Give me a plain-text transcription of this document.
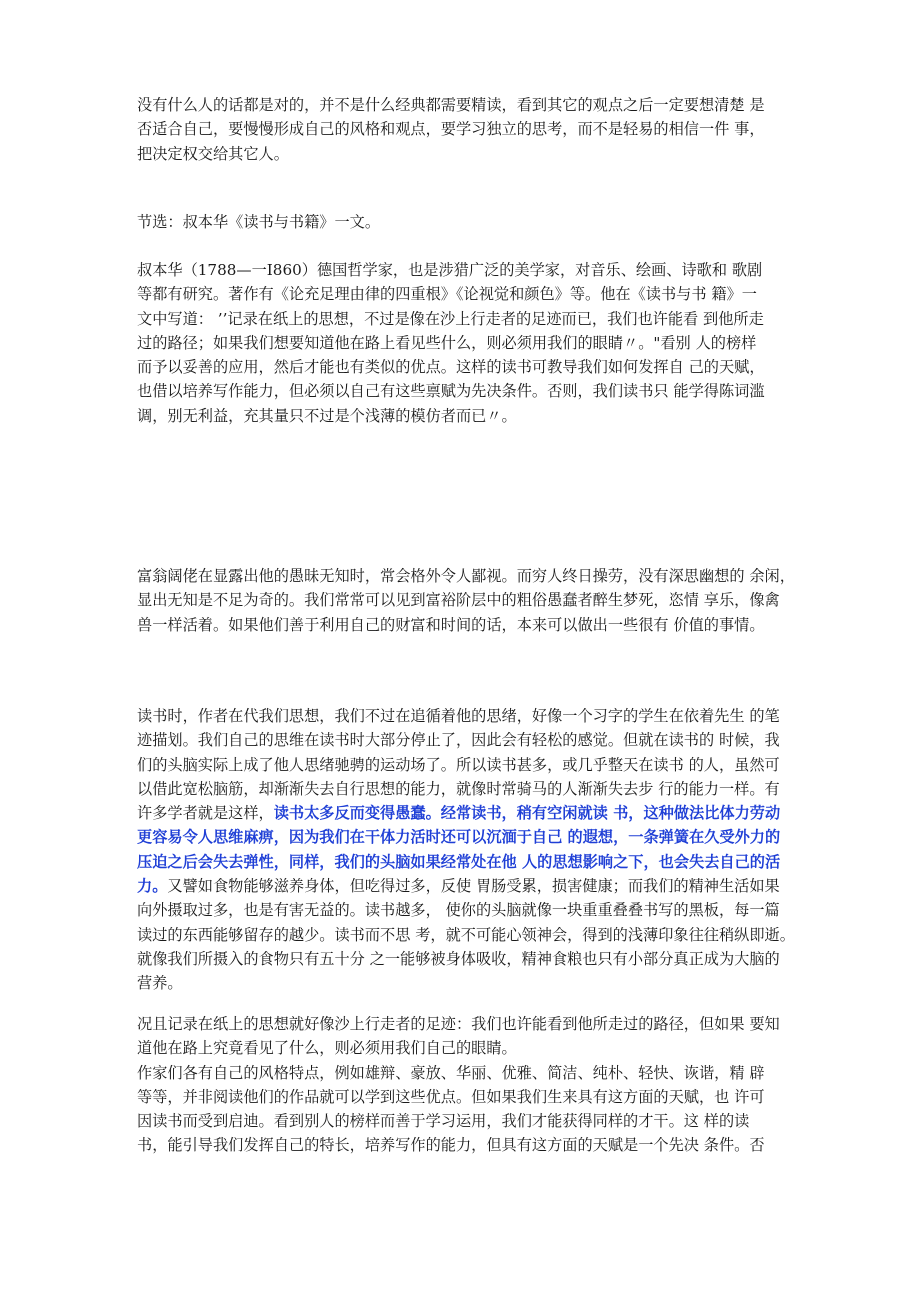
没有什么人的话都是对的，并不是什么经典都需要精读，看到其它的观点之后一定要想清楚 是
否适合自己，要慢慢形成自己的风格和观点，要学习独立的思考，而不是轻易的相信一件 事，
把决定权交给其它人。
节选：叔本华《读书与书籍》一文。
叔本华（1788—一I860）德国哲学家，也是涉猎广泛的美学家，对音乐、绘画、诗歌和 歌剧
等都有研究。著作有《论充足理由律的四重根》《论视觉和颜色》等。他在《读书与书 籍》一
文中写道： ’’记录在纸上的思想，不过是像在沙上行走者的足迹而已，我们也许能看 到他所走
过的路径；如果我们想要知道他在路上看见些什么，则必须用我们的眼睛〃。"看别 人的榜样
而予以妥善的应用，然后才能也有类似的优点。这样的读书可教导我们如何发挥自 己的天赋，
也借以培养写作能力，但必须以自己有这些禀赋为先决条件。否则，我们读书只 能学得陈词滥
调，别无利益，充其量只不过是个浅薄的模仿者而已〃。
富翁阔佬在显露出他的愚昧无知时，常会格外令人鄙视。而穷人终日操劳，没有深思幽想的 余闲，
显出无知是不足为奇的。我们常常可以见到富裕阶层中的粗俗愚蠢者醉生梦死，恣情 享乐，像禽
兽一样活着。如果他们善于利用自己的财富和时间的话，本来可以做出一些很有 价值的事情。
读书时，作者在代我们思想，我们不过在追循着他的思绪，好像一个习字的学生在依着先生 的笔
迹描划。我们自己的思维在读书时大部分停止了，因此会有轻松的感觉。但就在读书的 时候，我
们的头脑实际上成了他人思绪驰骋的运动场了。所以读书甚多，或几乎整天在读书 的人，虽然可
以借此宽松脑筋，却渐渐失去自行思想的能力，就像时常骑马的人渐渐失去步 行的能力一样。有
许多学者就是这样，读书太多反而变得愚蠢。经常读书，稍有空闲就读 书，这种做法比体力劳动
更容易令人思维麻痹，因为我们在干体力活时还可以沉湎于自己 的遐想，一条弹簧在久受外力的
压迫之后会失去弹性，同样，我们的头脑如果经常处在他 人的思想影响之下，也会失去自己的活
力。又譬如食物能够滋养身体，但吃得过多，反使 胃肠受累，损害健康；而我们的精神生活如果
向外摄取过多，也是有害无益的。读书越多， 使你的头脑就像一块重重叠叠书写的黑板，每一篇
读过的东西能够留存的越少。读书而不思 考，就不可能心领神会，得到的浅薄印象往往稍纵即逝。
就像我们所摄入的食物只有五十分 之一能够被身体吸收，精神食粮也只有小部分真正成为大脑的
营养。
况且记录在纸上的思想就好像沙上行走者的足迹：我们也许能看到他所走过的路径，但如果 要知
道他在路上究竟看见了什么，则必须用我们自己的眼睛。
作家们各有自己的风格特点，例如雄辩、豪放、华丽、优雅、简洁、纯朴、轻快、诙谐，精 辟
等等，并非阅读他们的作品就可以学到这些优点。但如果我们生来具有这方面的天赋，也 许可
因读书而受到启迪。看到别人的榜样而善于学习运用，我们才能获得同样的才干。这 样的读
书，能引导我们发挥自己的特长，培养写作的能力，但具有这方面的天赋是一个先决 条件。否
